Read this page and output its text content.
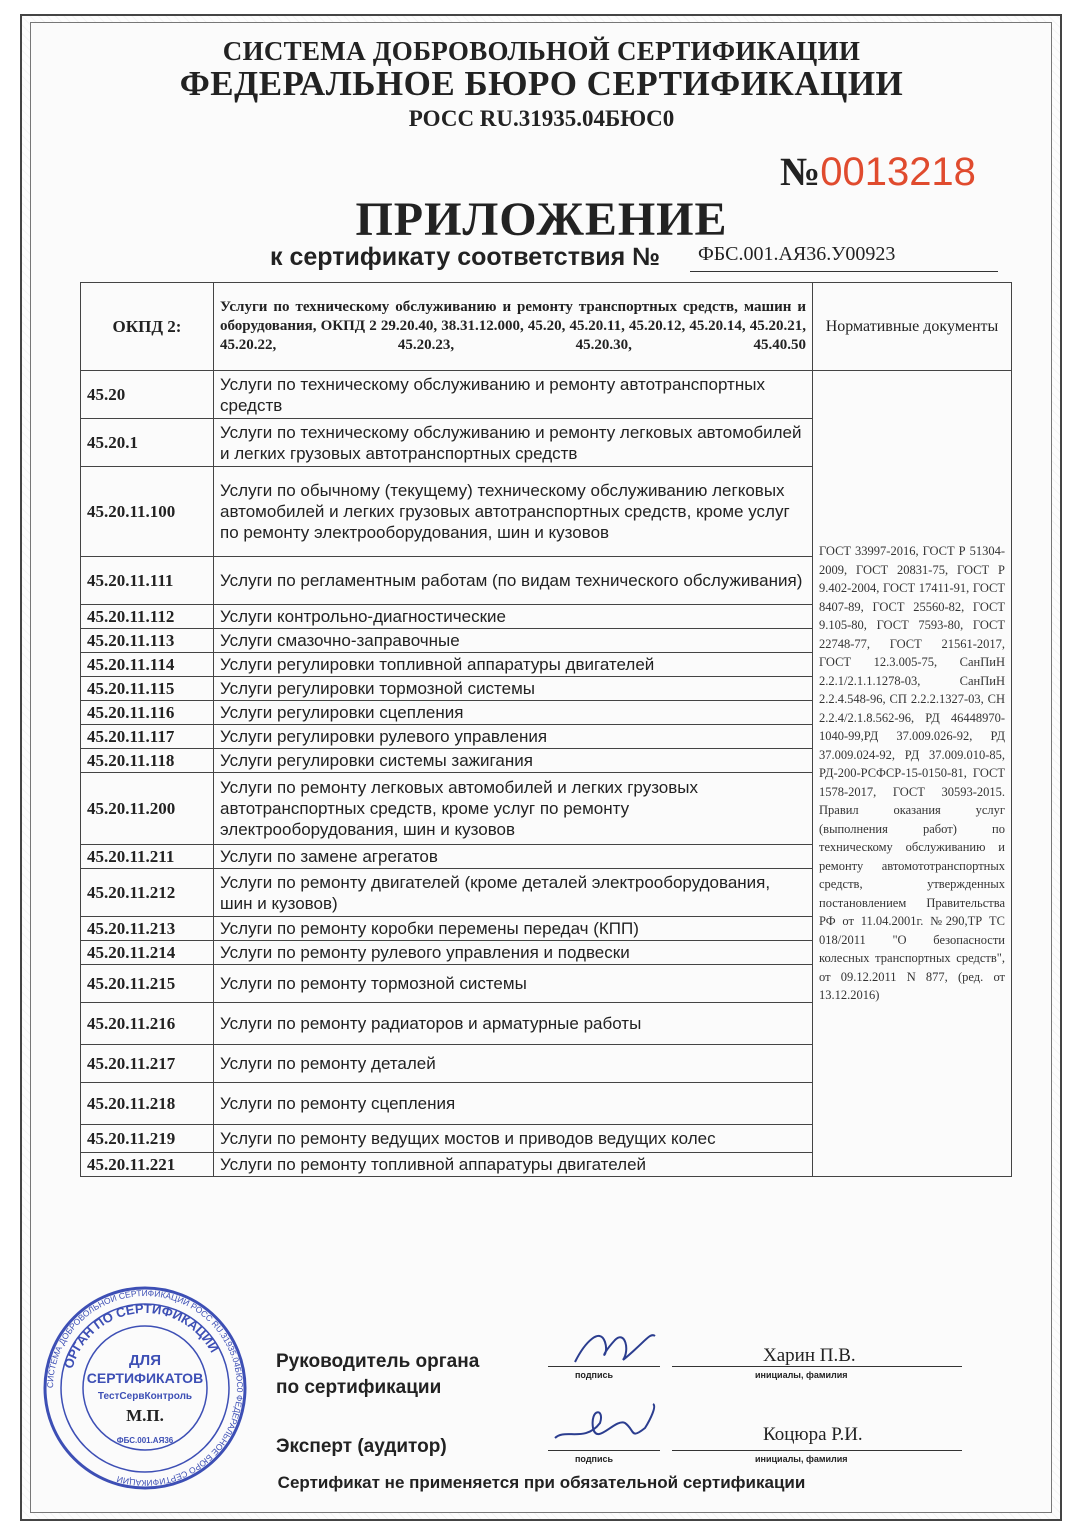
СИСТЕМА ДОБРОВОЛЬНОЙ СЕРТИФИКАЦИИ

ФЕДЕРАЛЬНОЕ БЮРО СЕРТИФИКАЦИИ

РОСС RU.31935.04БЮС0

№0013218
ПРИЛОЖЕНИЕ
к сертификату соответствия №	ФБС.001.АЯ36.У00923
ОКПД 2:	Услуги по техническому обслуживанию и ремонту транспортных средств, машин и оборудования, ОКПД 2 29.20.40, 38.31.12.000, 45.20, 45.20.11, 45.20.12, 45.20.14, 45.20.21, 45.20.22, 45.20.23, 45.20.30, 45.40.50	Нормативные документы
45.20	Услуги по техническому обслуживанию и ремонту автотранспортных средств	ГОСТ 33997-2016, ГОСТ Р 51304-2009, ГОСТ 20831-75, ГОСТ Р 9.402-2004, ГОСТ 17411-91, ГОСТ 8407-89, ГОСТ 25560-82, ГОСТ 9.105-80, ГОСТ 7593-80, ГОСТ 22748-77, ГОСТ 21561-2017, ГОСТ 12.3.005-75, СанПиН 2.2.1/2.1.1.1278-03, СанПиН 2.2.4.548-96, СП 2.2.2.1327-03, СН 2.2.4/2.1.8.562-96, РД 46448970-1040-99,РД 37.009.026-92, РД 37.009.024-92, РД 37.009.010-85, РД-200-РСФСР-15-0150-81, ГОСТ 1578-2017, ГОСТ 30593-2015. Правил оказания услуг (выполнения работ) по техническому обслуживанию и ремонту автомототранспортных средств, утвержденных постановлением Правительства РФ от 11.04.2001г. №290,ТР ТС 018/2011 "О безопасности колесных транспортных средств", от 09.12.2011 N 877, (ред. от 13.12.2016)
45.20.1	Услуги по техническому обслуживанию и ремонту легковых автомобилей и легких грузовых автотранспортных средств	
45.20.11.100	Услуги по обычному (текущему) техническому обслуживанию легковых автомобилей и легких грузовых автотранспортных средств, кроме услуг по ремонту электрооборудования, шин и кузовов	
45.20.11.111	Услуги по регламентным работам (по видам технического обслуживания)	
45.20.11.112	Услуги контрольно-диагностические	
45.20.11.113	Услуги смазочно-заправочные	
45.20.11.114	Услуги регулировки топливной аппаратуры двигателей	
45.20.11.115	Услуги регулировки тормозной системы	
45.20.11.116	Услуги регулировки сцепления	
45.20.11.117	Услуги регулировки рулевого управления	
45.20.11.118	Услуги регулировки системы зажигания	
45.20.11.200	Услуги по ремонту легковых автомобилей и легких грузовых автотранспортных средств, кроме услуг по ремонту электрооборудования, шин и кузовов	
45.20.11.211	Услуги по замене агрегатов	
45.20.11.212	Услуги по ремонту двигателей (кроме деталей электрооборудования, шин и кузовов)	
45.20.11.213	Услуги по ремонту коробки перемены передач (КПП)	
45.20.11.214	Услуги по ремонту рулевого управления и подвески	
45.20.11.215	Услуги по ремонту тормозной системы	
45.20.11.216	Услуги по ремонту радиаторов и арматурные работы	
45.20.11.217	Услуги по ремонту деталей	
45.20.11.218	Услуги по ремонту сцепления	
45.20.11.219	Услуги по ремонту ведущих мостов и приводов ведущих колес	
45.20.11.221	Услуги по ремонту топливной аппаратуры двигателей	
Руководитель органа
по сертификации
подпись
Харин П.В.
инициалы, фамилия
Эксперт (аудитор)
подпись
Коцюра Р.И.
инициалы, фамилия
СИСТЕМА ДОБРОВОЛЬНОЙ СЕРТИФИКАЦИИ РОСС RU.31935.04БЮС0 ФЕДЕРАЛЬНОЕ БЮРО СЕРТИФИКАЦИИ
ОРГАН ПО СЕРТИФИКАЦИИ
ДЛЯ
СЕРТИФИКАТОВ
ТестСервКонтроль
М.П.
ФБС.001.АЯ36
Сертификат не применяется при обязательной сертификации
